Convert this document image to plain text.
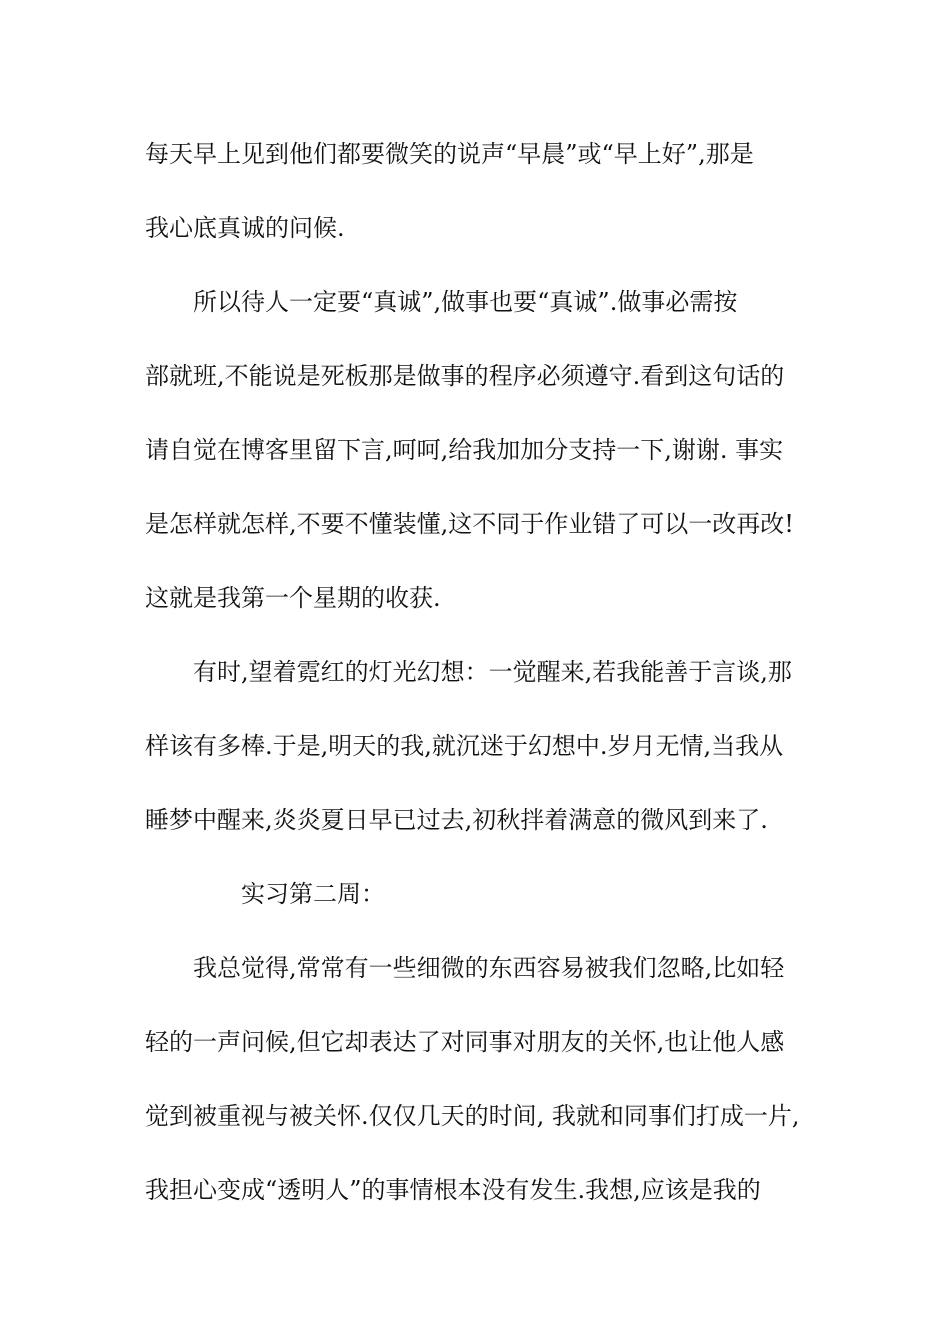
每天早上见到他们都要微笑的说声“早晨”或“早上好”,那是
我心底真诚的问候.
所以待人一定要“真诚”,做事也要“真诚”.做事必需按
部就班,不能说是死板那是做事的程序必须遵守.看到这句话的
请自觉在博客里留下言,呵呵,给我加加分支持一下,谢谢. 事实
是怎样就怎样,不要不懂装懂,这不同于作业错了可以一改再改!
这就是我第一个星期的收获.
有时,望着霓红的灯光幻想：一觉醒来,若我能善于言谈,那
样该有多棒.于是,明天的我,就沉迷于幻想中.岁月无情,当我从
睡梦中醒来,炎炎夏日早已过去,初秋拌着满意的微风到来了.
实习第二周：
我总觉得,常常有一些细微的东西容易被我们忽略,比如轻
轻的一声问候,但它却表达了对同事对朋友的关怀,也让他人感
觉到被重视与被关怀.仅仅几天的时间, 我就和同事们打成一片,
我担心变成“透明人”的事情根本没有发生.我想,应该是我的
